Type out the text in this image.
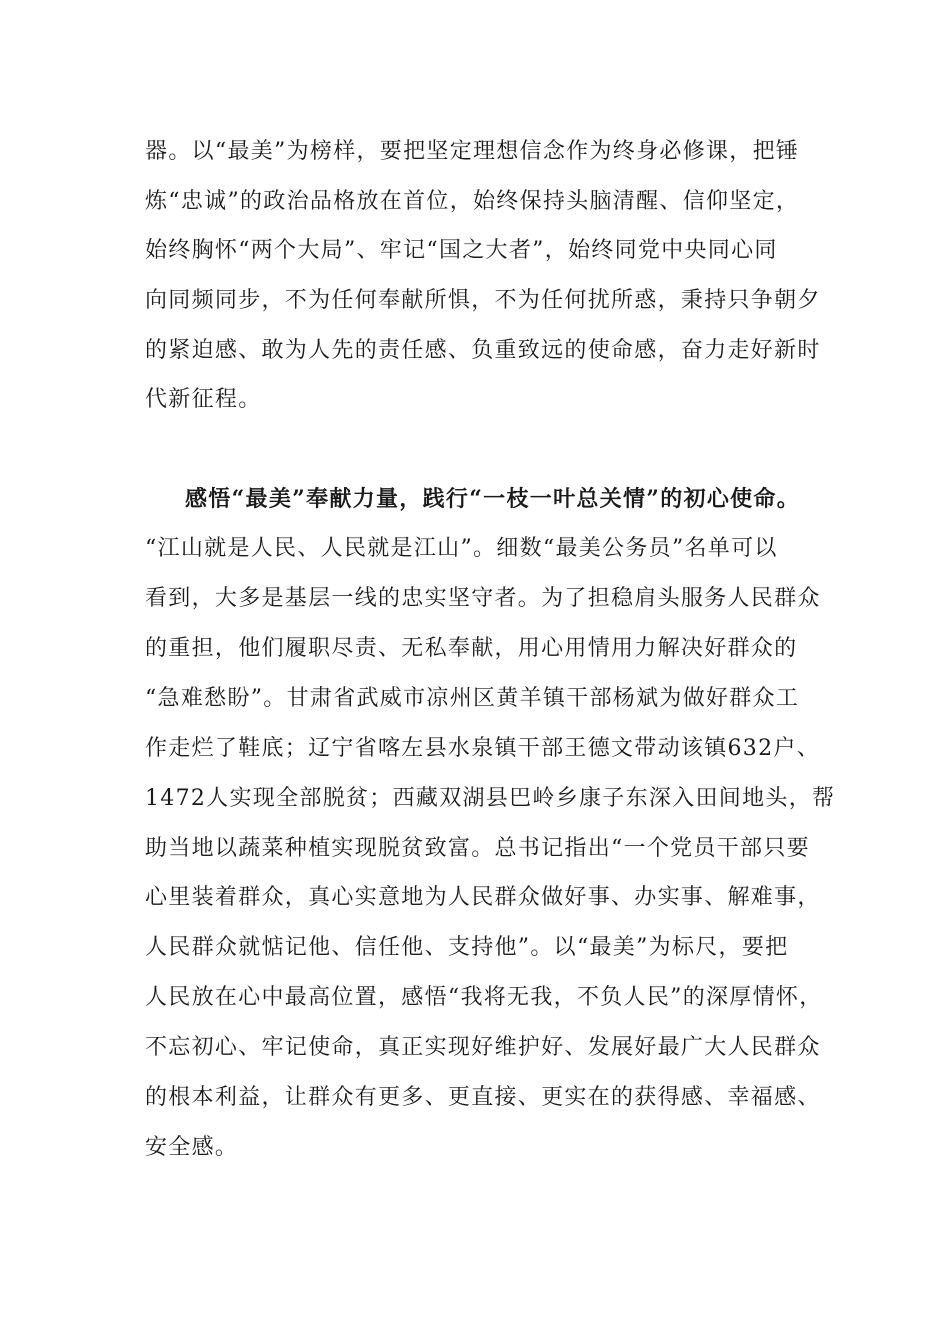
器。以“最美”为榜样，要把坚定理想信念作为终身必修课，把锤
炼“忠诚”的政治品格放在首位，始终保持头脑清醒、信仰坚定，
始终胸怀“两个大局”、牢记“国之大者”，始终同党中央同心同
向同频同步，不为任何奉献所惧，不为任何扰所惑，秉持只争朝夕
的紧迫感、敢为人先的责任感、负重致远的使命感，奋力走好新时
代新征程。
感悟“最美”奉献力量，践行“一枝一叶总关情”的初心使命。
“江山就是人民、人民就是江山”。细数“最美公务员”名单可以
看到，大多是基层一线的忠实坚守者。为了担稳肩头服务人民群众
的重担，他们履职尽责、无私奉献，用心用情用力解决好群众的
“急难愁盼”。甘肃省武威市凉州区黄羊镇干部杨斌为做好群众工
作走烂了鞋底；辽宁省喀左县水泉镇干部王德文带动该镇632户、
1472人实现全部脱贫；西藏双湖县巴岭乡康子东深入田间地头，帮
助当地以蔬菜种植实现脱贫致富。总书记指出“一个党员干部只要
心里装着群众，真心实意地为人民群众做好事、办实事、解难事，
人民群众就惦记他、信任他、支持他”。以“最美”为标尺，要把
人民放在心中最高位置，感悟“我将无我，不负人民”的深厚情怀，
不忘初心、牢记使命，真正实现好维护好、发展好最广大人民群众
的根本利益，让群众有更多、更直接、更实在的获得感、幸福感、
安全感。
